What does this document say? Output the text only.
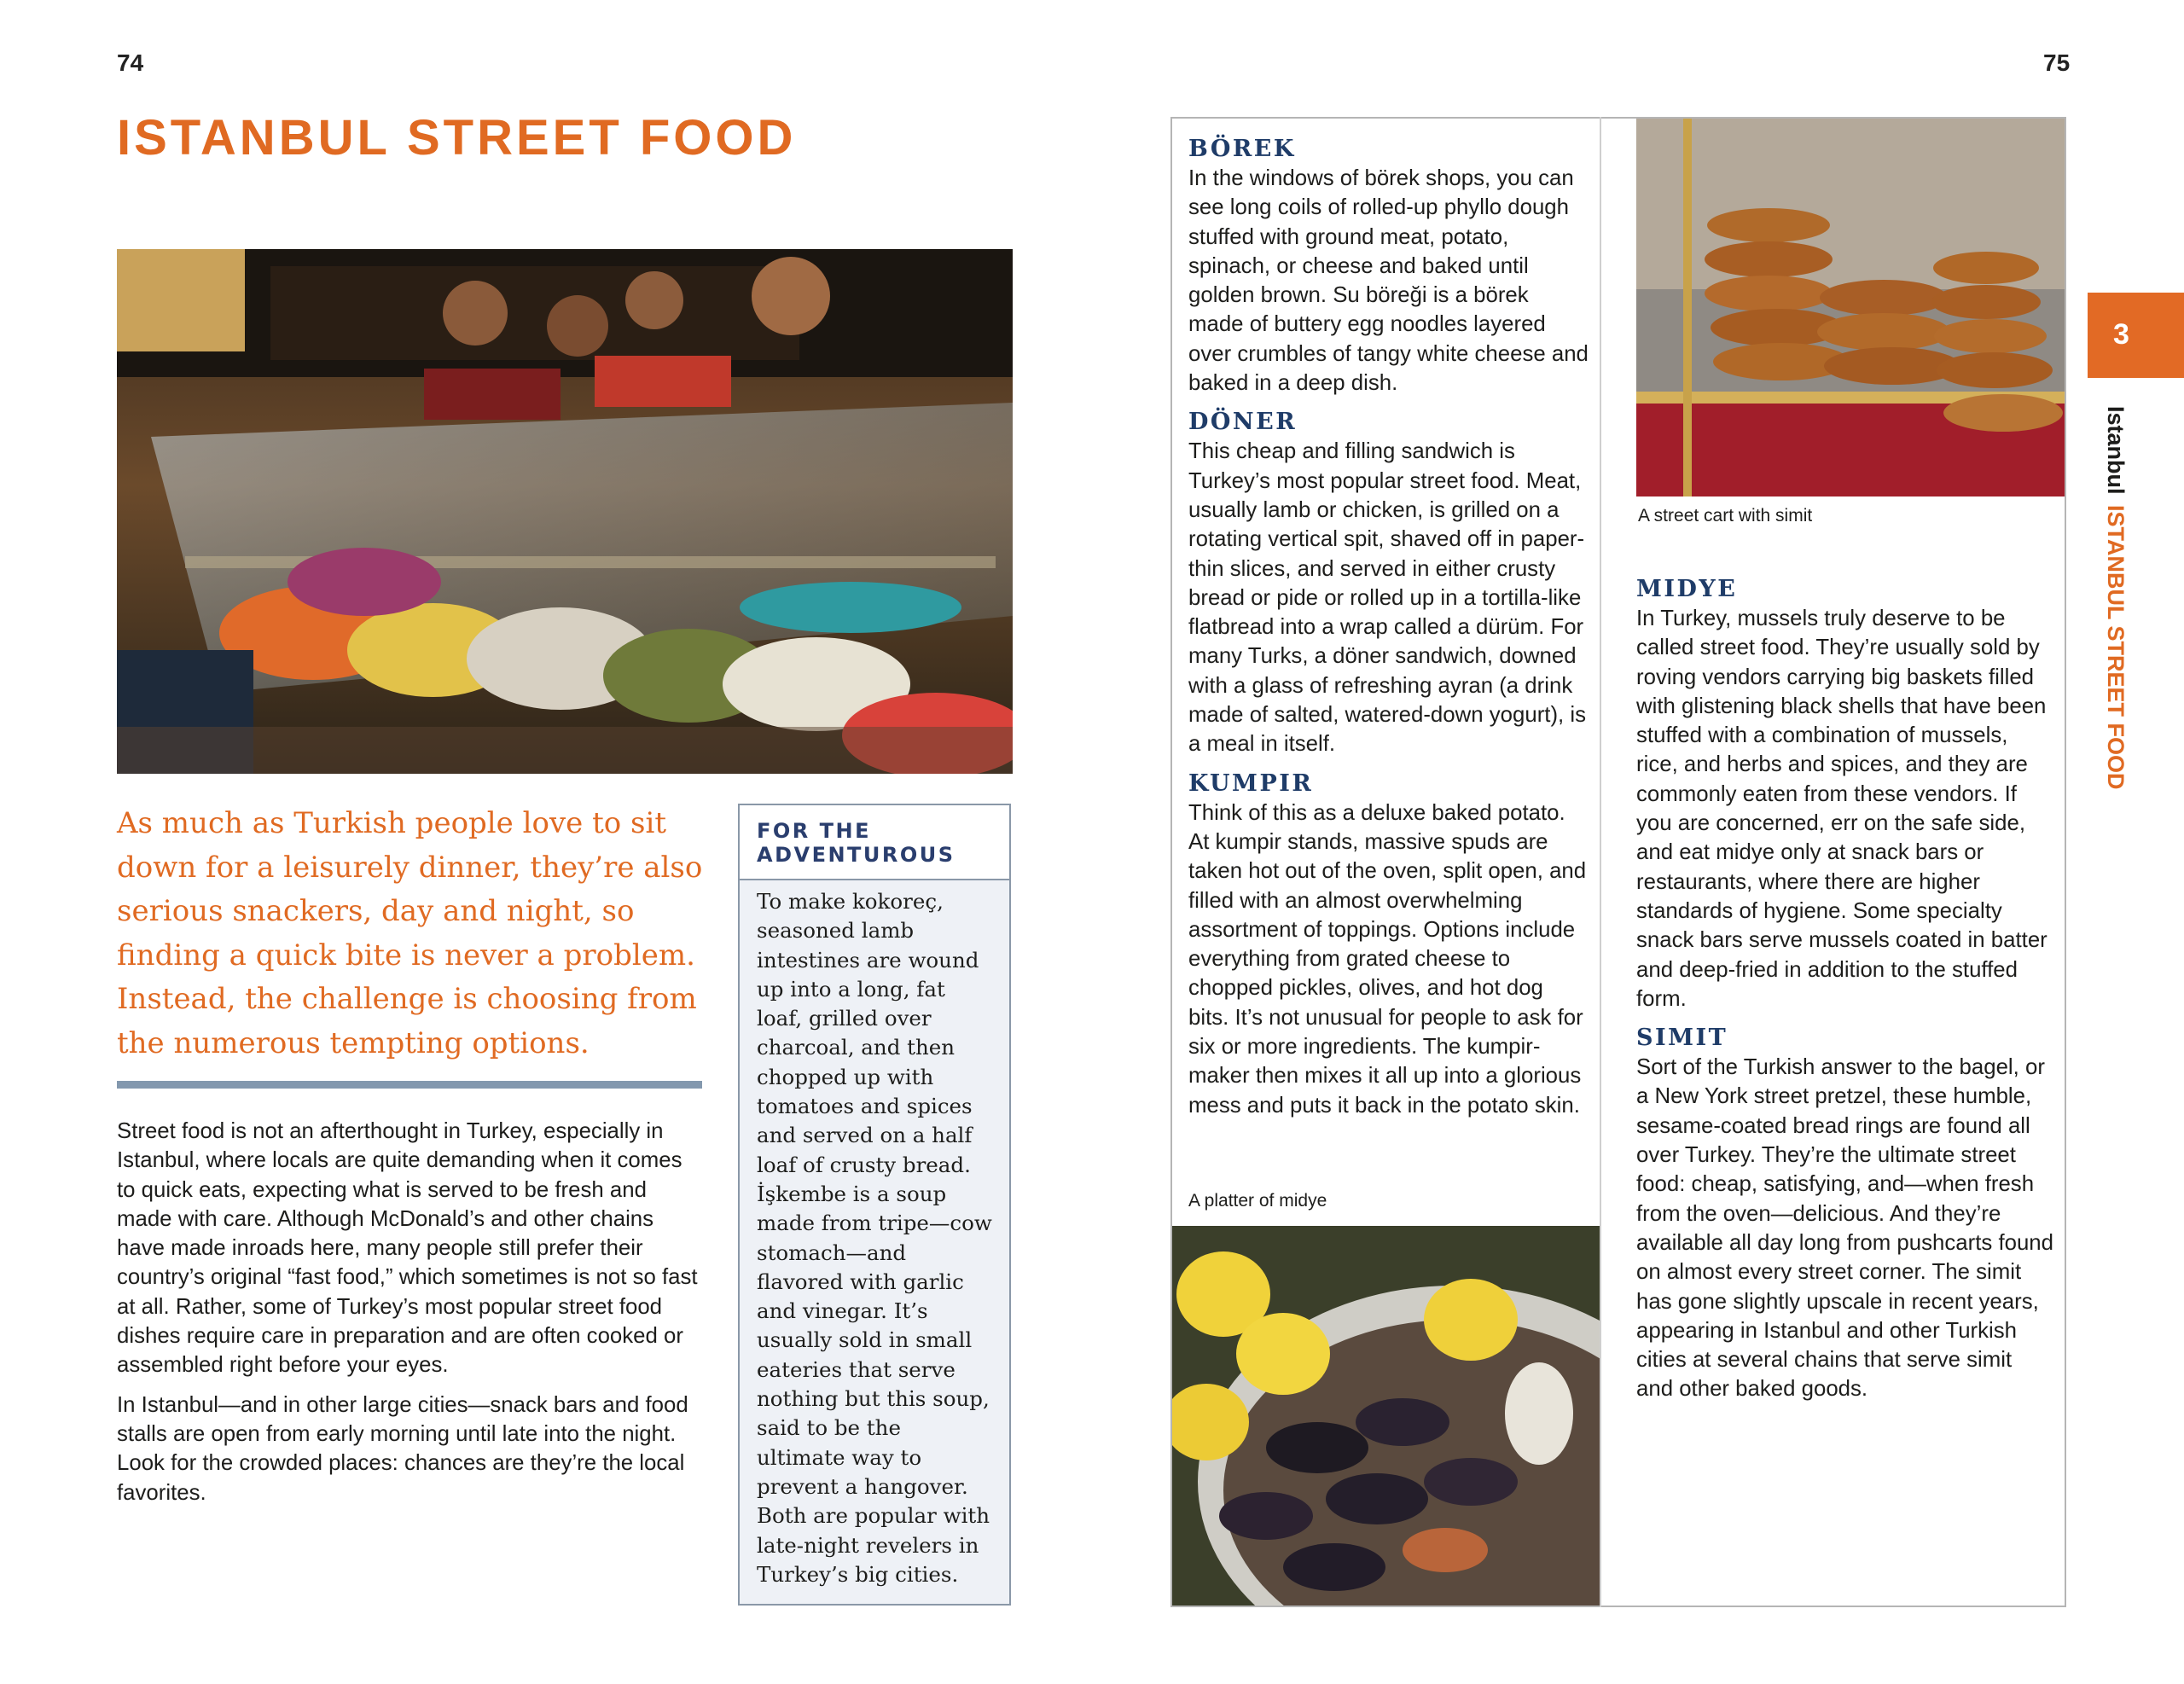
74
ISTANBUL STREET FOOD

As much as Turkish people love to sit down for a leisurely dinner, they’re also serious snackers, day and night, so finding a quick bite is never a problem. Instead, the challenge is choosing from the numerous tempting options.

Street food is not an afterthought in Turkey, especially in Istanbul, where locals are quite demanding when it comes to quick eats, expecting what is served to be fresh and made with care. Although McDonald’s and other chains have made inroads here, many people still prefer their country’s original “fast food,” which sometimes is not so fast at all. Rather, some of Turkey’s most popular street food dishes require care in preparation and are often cooked or assembled right before your eyes.

In Istanbul—and in other large cities—snack bars and food stalls are open from early morning until late into the night. Look for the crowded places: chances are they’re the local favorites.

FOR THE ADVENTUROUS
To make kokoreç, seasoned lamb intestines are wound up into a long, fat loaf, grilled over charcoal, and then chopped up with tomatoes and spices and served on a half loaf of crusty bread. İşkembe is a soup made from tripe—cow stomach—and flavored with garlic and vinegar. It’s usually sold in small eateries that serve nothing but this soup, said to be the ultimate way to prevent a hangover. Both are popular with late-night revelers in Turkey’s big cities.
75
BÖREK

In the windows of börek shops, you can see long coils of rolled-up phyllo dough stuffed with ground meat, potato, spinach, or cheese and baked until golden brown. Su böreği is a börek made of buttery egg noodles layered over crumbles of tangy white cheese and baked in a deep dish.

DÖNER

This cheap and filling sandwich is Turkey’s most popular street food. Meat, usually lamb or chicken, is grilled on a rotating vertical spit, shaved off in paper-thin slices, and served in either crusty bread or pide or rolled up in a tortilla-like flatbread into a wrap called a dürüm. For many Turks, a döner sandwich, downed with a glass of refreshing ayran (a drink made of salted, watered-down yogurt), is a meal in itself.

KUMPIR

Think of this as a deluxe baked potato. At kumpir stands, massive spuds are taken hot out of the oven, split open, and filled with an almost overwhelming assortment of toppings. Options include everything from grated cheese to chopped pickles, olives, and hot dog bits. It’s not unusual for people to ask for six or more ingredients. The kumpir-maker then mixes it all up into a glorious mess and puts it back in the potato skin.

A platter of midye
A street cart with simit
MIDYE

In Turkey, mussels truly deserve to be called street food. They’re usually sold by roving vendors carrying big baskets filled with glistening black shells that have been stuffed with a combination of mussels, rice, and herbs and spices, and they are commonly eaten from these vendors. If you are concerned, err on the safe side, and eat midye only at snack bars or restaurants, where there are higher standards of hygiene. Some specialty snack bars serve mussels coated in batter and deep-fried in addition to the stuffed form.

SIMIT

Sort of the Turkish answer to the bagel, or a New York street pretzel, these humble, sesame-coated bread rings are found all over Turkey. They’re the ultimate street food: cheap, satisfying, and—when fresh from the oven—delicious. And they’re available all day long from pushcarts found on almost every street corner. The simit has gone slightly upscale in recent years, appearing in Istanbul and other Turkish cities at several chains that serve simit and other baked goods.

3
Istanbul
ISTANBUL STREET FOOD
